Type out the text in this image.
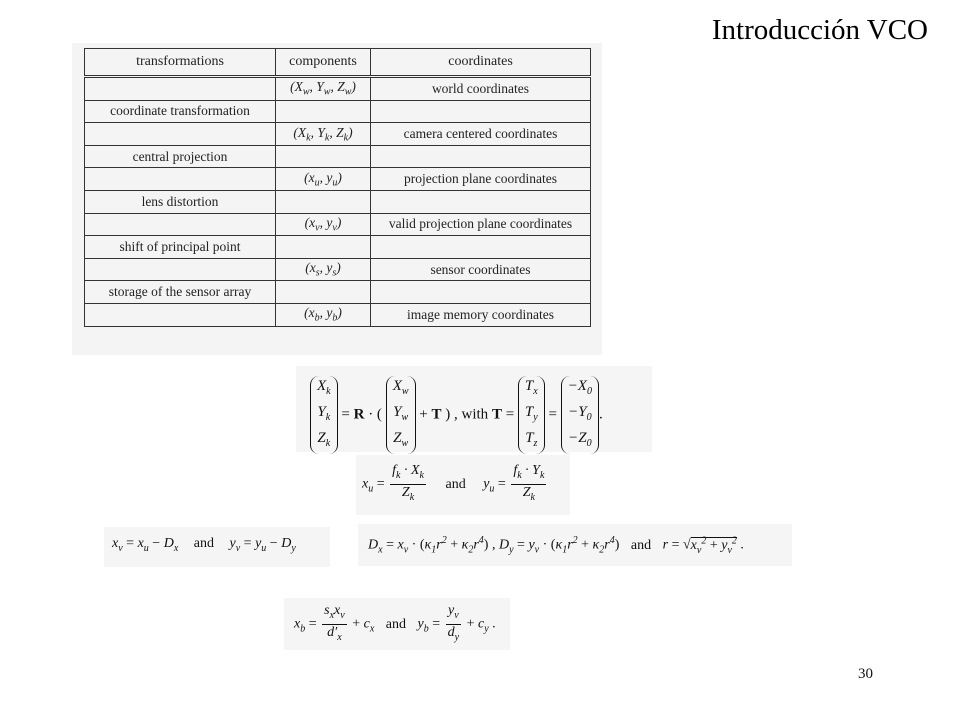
Introducción VCO
transformations	components	coordinates
	($X_w$, $Y_w$, $Z_w$)	world coordinates
coordinate transformation		
	($X_k$, $Y_k$, $Z_k$)	camera centered coordinates
central projection		
	($x_u$, $y_u$)	projection plane coordinates
lens distortion		
	($x_v$, $y_v$)	valid projection plane coordinates
shift of principal point		
	($x_s$, $y_s$)	sensor coordinates
storage of the sensor array		
	($x_b$, $y_b$)	image memory coordinates
$X_k$
$Y_k$
$Z_k$
= R · (
$X_w$
$Y_w$
$Z_w$
+ T ) , with T =
$T_x$
$T_y$
$T_z$
=
$-X_0$
$-Y_0$
$-Z_0$
.
$x_u = \frac{f_k \cdot X_k}{Z_k}$ and $y_u = \frac{f_k \cdot Y_k}{Z_k}$
$x_v = x_u - D_x$ and $y_v = y_u - D_y$	$D_x = x_v \cdot (\kappa_1r^2 + \kappa_2r^4)$ , $D_y = y_v \cdot (\kappa_1r^2 + \kappa_2r^4)$ and $r = √x_v^2 + y_v^2$ .
$x_b$ =
$s_xx_v$
$d'_x$
+ $c_x$ and $y_b = \frac{y_v}{d_y} + c_y$ .
30
